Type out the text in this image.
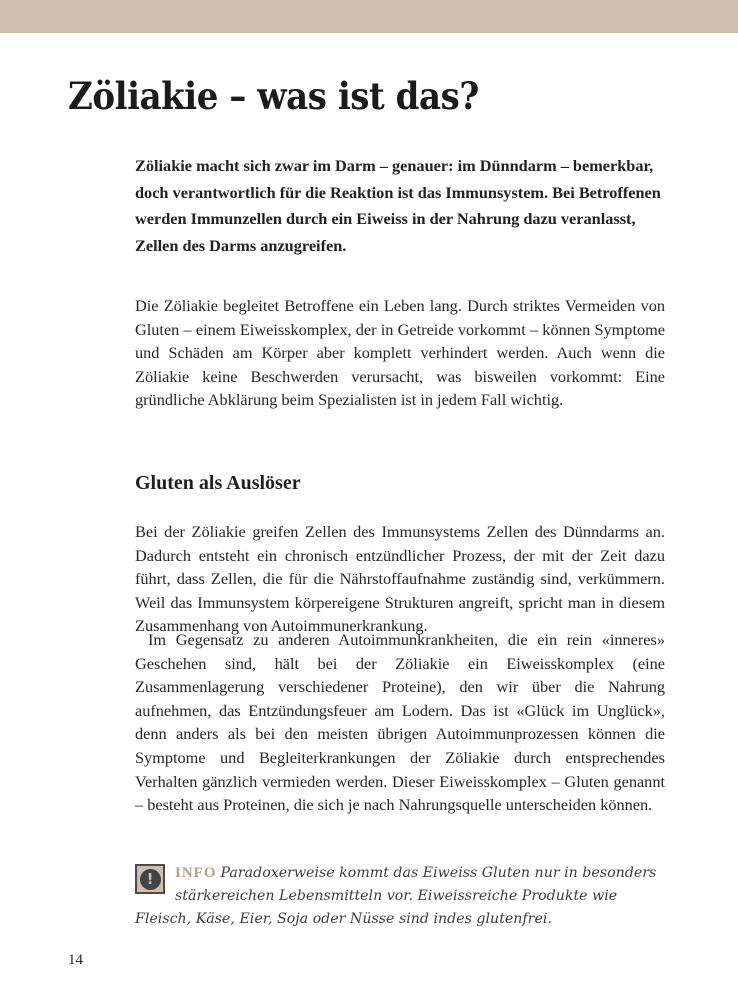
Zöliakie – was ist das?

Zöliakie macht sich zwar im Darm – genauer: im Dünndarm – bemerkbar, doch verantwortlich für die Reaktion ist das Immunsystem. Bei Betroffenen werden Immunzellen durch ein Eiweiss in der Nahrung dazu veranlasst, Zellen des Darms anzugreifen.

Die Zöliakie begleitet Betroffene ein Leben lang. Durch striktes Vermeiden von Gluten – einem Eiweisskomplex, der in Getreide vorkommt – können Symptome und Schäden am Körper aber komplett verhindert werden. Auch wenn die Zöliakie keine Beschwerden verursacht, was bisweilen vorkommt: Eine gründliche Abklärung beim Spezialisten ist in jedem Fall wichtig.

Gluten als Auslöser

Bei der Zöliakie greifen Zellen des Immunsystems Zellen des Dünndarms an. Dadurch entsteht ein chronisch entzündlicher Prozess, der mit der Zeit dazu führt, dass Zellen, die für die Nährstoffaufnahme zuständig sind, verkümmern. Weil das Immunsystem körpereigene Strukturen angreift, spricht man in diesem Zusammenhang von Autoimmunerkrankung.

Im Gegensatz zu anderen Autoimmunkrankheiten, die ein rein «inneres» Geschehen sind, hält bei der Zöliakie ein Eiweisskomplex (eine Zusammenlagerung verschiedener Proteine), den wir über die Nahrung aufnehmen, das Entzündungsfeuer am Lodern. Das ist «Glück im Unglück», denn anders als bei den meisten übrigen Autoimmunprozessen können die Symptome und Begleiterkrankungen der Zöliakie durch entsprechendes Verhalten gänzlich vermieden werden. Dieser Eiweisskomplex – Gluten genannt – besteht aus Proteinen, die sich je nach Nahrungsquelle unterscheiden können.

!	INFO Paradoxerweise kommt das Eiweiss Gluten nur in besonders stärkereichen Lebensmitteln vor. Eiweissreiche Produkte wie Fleisch, Käse, Eier, Soja oder Nüsse sind indes glutenfrei.
14
